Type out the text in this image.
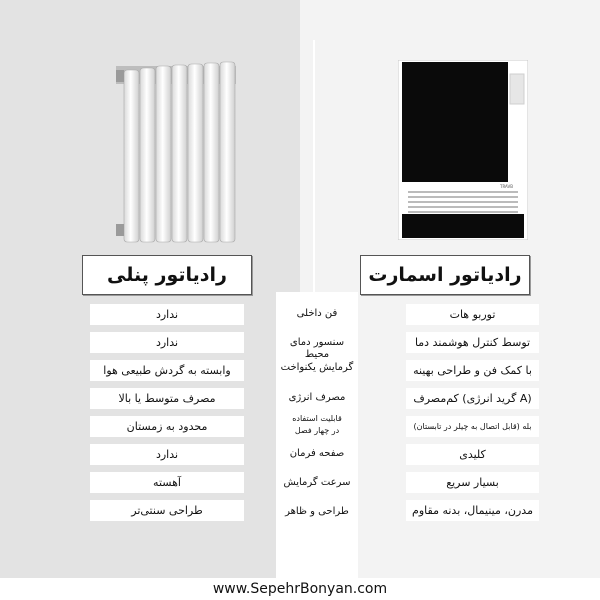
TRAVB
رادیاتور پنلی	رادیاتور اسمارت
فن داخلی
سنسور دمای محیط
گرمایش یکنواخت
مصرف انرژی
قابلیت استفاده در چهار فصل
صفحه فرمان
سرعت گرمایش
طراحی و ظاهر
ندارد
ندارد
وابسته به گردش طبیعی هوا
مصرف متوسط یا بالا
محدود به زمستان
ندارد
آهسته
طراحی سنتی‌تر
توربو هات
توسط کنترل هوشمند دما
با کمک فن و طراحی بهینه
(A گرید انرژی) کم‌مصرف
بله (قابل اتصال به چیلر در تابستان)
کلیدی
بسیار سریع
مدرن، مینیمال، بدنه مقاوم
www.SepehrBonyan.com
